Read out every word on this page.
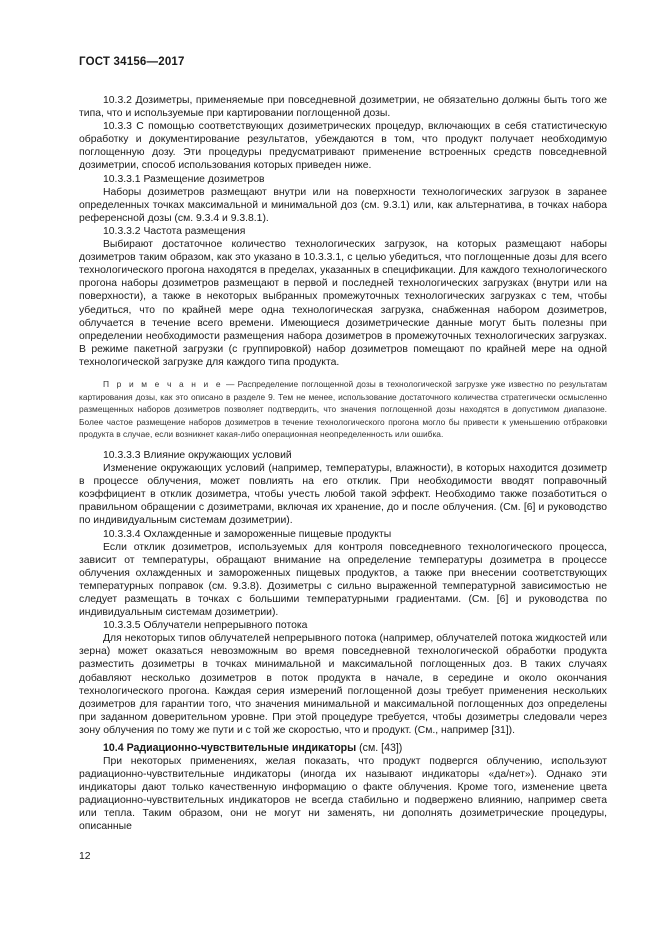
ГОСТ 34156—2017

10.3.2 Дозиметры, применяемые при повседневной дозиметрии, не обязательно должны быть того же типа, что и используемые при картировании поглощенной дозы.

10.3.3 С помощью соответствующих дозиметрических процедур, включающих в себя статистическую обработку и документирование результатов, убеждаются в том, что продукт получает необходимую поглощенную дозу. Эти процедуры предусматривают применение встроенных средств повседневной дозиметрии, способ использования которых приведен ниже.

10.3.3.1 Размещение дозиметров

Наборы дозиметров размещают внутри или на поверхности технологических загрузок в заранее определенных точках максимальной и минимальной доз (см. 9.3.1) или, как альтернатива, в точках набора референсной дозы (см. 9.3.4 и 9.3.8.1).

10.3.3.2 Частота размещения

Выбирают достаточное количество технологических загрузок, на которых размещают наборы дозиметров таким образом, как это указано в 10.3.3.1, с целью убедиться, что поглощенные дозы для всего технологического прогона находятся в пределах, указанных в спецификации. Для каждого технологического прогона наборы дозиметров размещают в первой и последней технологических загрузках (внутри или на поверхности), а также в некоторых выбранных промежуточных технологических загрузках с тем, чтобы убедиться, что по крайней мере одна технологическая загрузка, снабженная набором дозиметров, облучается в течение всего времени. Имеющиеся дозиметрические данные могут быть полезны при определении необходимости размещения набора дозиметров в промежуточных технологических загрузках. В режиме пакетной загрузки (с группировкой) набор дозиметров помещают по крайней мере на одной технологической загрузке для каждого типа продукта.

П р и м е ч а н и е — Распределение поглощенной дозы в технологической загрузке уже известно по результатам картирования дозы, как это описано в разделе 9. Тем не менее, использование достаточного количества стратегически осмысленно размещенных наборов дозиметров позволяет подтвердить, что значения поглощенной дозы находятся в допустимом диапазоне. Более частое размещение наборов дозиметров в течение технологического прогона могло бы привести к уменьшению отбраковки продукта в случае, если возникнет какая-либо операционная неопределенность или ошибка.

10.3.3.3 Влияние окружающих условий

Изменение окружающих условий (например, температуры, влажности), в которых находится дозиметр в процессе облучения, может повлиять на его отклик. При необходимости вводят поправочный коэффициент в отклик дозиметра, чтобы учесть любой такой эффект. Необходимо также позаботиться о правильном обращении с дозиметрами, включая их хранение, до и после облучения. (См. [6] и руководство по индивидуальным системам дозиметрии).

10.3.3.4 Охлажденные и замороженные пищевые продукты

Если отклик дозиметров, используемых для контроля повседневного технологического процесса, зависит от температуры, обращают внимание на определение температуры дозиметра в процессе облучения охлажденных и замороженных пищевых продуктов, а также при внесении соответствующих температурных поправок (см. 9.3.8). Дозиметры с сильно выраженной температурной зависимостью не следует размещать в точках с большими температурными градиентами. (См. [6] и руководства по индивидуальным системам дозиметрии).

10.3.3.5 Облучатели непрерывного потока

Для некоторых типов облучателей непрерывного потока (например, облучателей потока жидкостей или зерна) может оказаться невозможным во время повседневной технологической обработки продукта разместить дозиметры в точках минимальной и максимальной поглощенных доз. В таких случаях добавляют несколько дозиметров в поток продукта в начале, в середине и около окончания технологического прогона. Каждая серия измерений поглощенной дозы требует применения нескольких дозиметров для гарантии того, что значения минимальной и максимальной поглощенных доз определены при заданном доверительном уровне. При этой процедуре требуется, чтобы дозиметры следовали через зону облучения по тому же пути и с той же скоростью, что и продукт. (См., например [31]).

10.4 Радиационно-чувствительные индикаторы (см. [43])

При некоторых применениях, желая показать, что продукт подвергся облучению, используют радиационно-чувствительные индикаторы (иногда их называют индикаторы «да/нет»). Однако эти индикаторы дают только качественную информацию о факте облучения. Кроме того, изменение цвета радиационно-чувствительных индикаторов не всегда стабильно и подвержено влиянию, например света или тепла. Таким образом, они не могут ни заменять, ни дополнять дозиметрические процедуры, описанные

12
